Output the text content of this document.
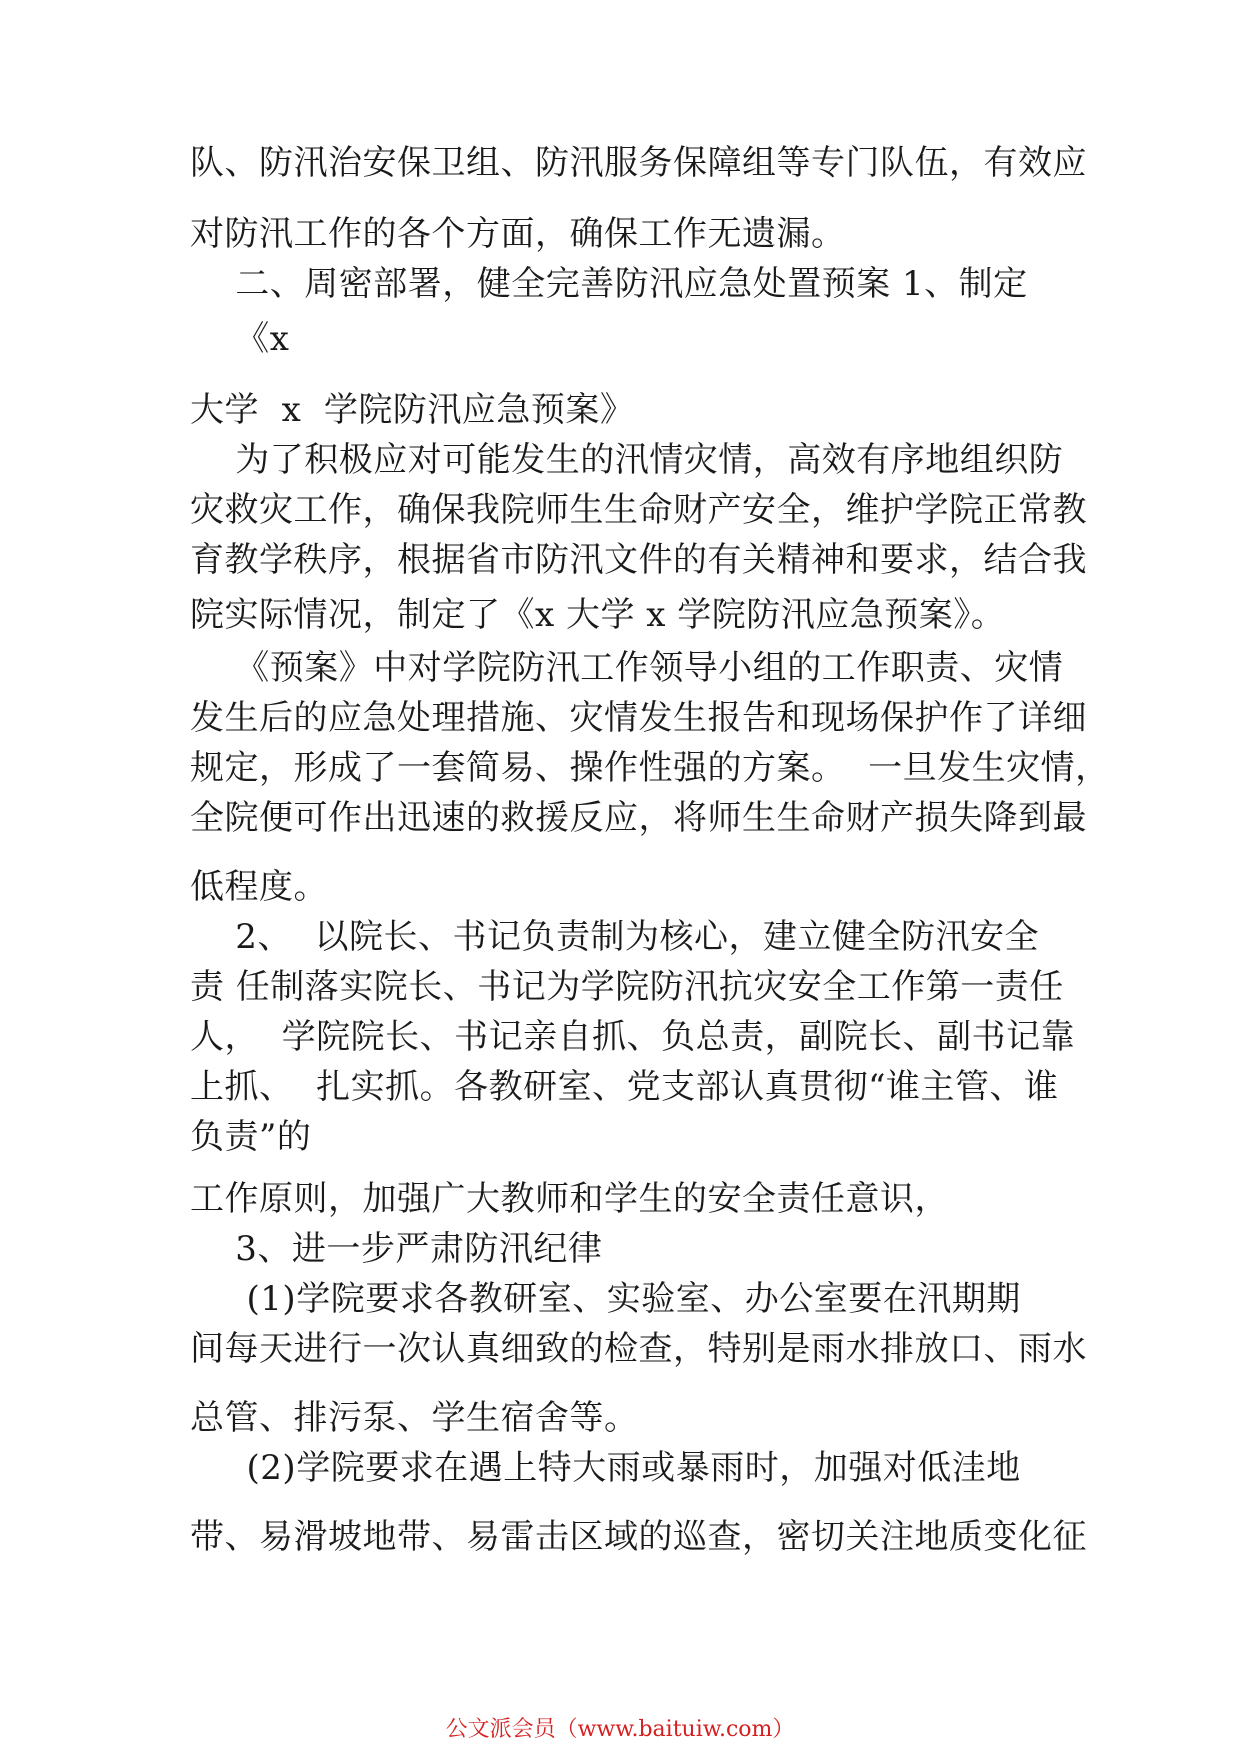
队、防汛治安保卫组、防汛服务保障组等专门队伍，有效应
对防汛工作的各个方面，确保工作无遗漏。
二、周密部署，健全完善防汛应急处置预案 1、制定
《x
大学  x  学院防汛应急预案》
为了积极应对可能发生的汛情灾情，高效有序地组织防
灾救灾工作，确保我院师生生命财产安全，维护学院正常教
育教学秩序，根据省市防汛文件的有关精神和要求，结合我
院实际情况，制定了《x 大学 x 学院防汛应急预案》。
《预案》中对学院防汛工作领导小组的工作职责、灾情
发生后的应急处理措施、灾情发生报告和现场保护作了详细
规定，形成了一套简易、操作性强的方案。  一旦发生灾情，
全院便可作出迅速的救援反应，将师生生命财产损失降到最
低程度。
2、  以院长、书记负责制为核心，建立健全防汛安全
责 任制落实院长、书记为学院防汛抗灾安全工作第一责任
人，  学院院长、书记亲自抓、负总责，副院长、副书记靠
上抓、  扎实抓。各教研室、党支部认真贯彻“谁主管、谁
负责”的
工作原则，加强广大教师和学生的安全责任意识，
3、进一步严肃防汛纪律
(1)学院要求各教研室、实验室、办公室要在汛期期
间每天进行一次认真细致的检查，特别是雨水排放口、雨水
总管、排污泵、学生宿舍等。
(2)学院要求在遇上特大雨或暴雨时，加强对低洼地
带、易滑坡地带、易雷击区域的巡查，密切关注地质变化征
公文派会员（www.baituiw.com）
